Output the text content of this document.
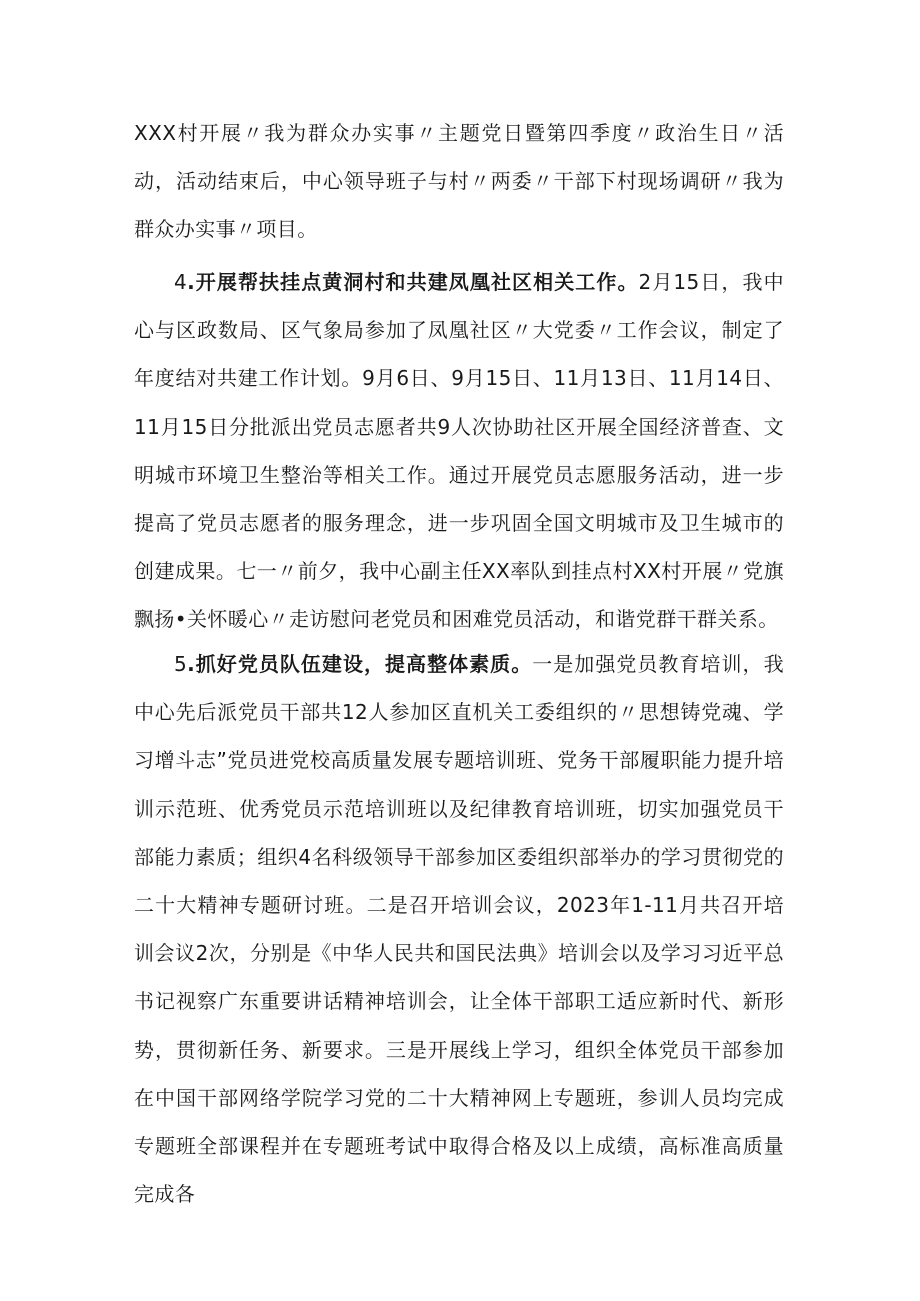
XXX村开展〃我为群众办实事〃主题党日暨第四季度〃政治生日〃活动，活动结束后，中心领导班子与村〃两委〃干部下村现场调研〃我为群众办实事〃项目。

4.开展帮扶挂点黄洞村和共建凤凰社区相关工作。2月15日，我中心与区政数局、区气象局参加了凤凰社区〃大党委〃工作会议，制定了年度结对共建工作计划。9月6日、9月15日、11月13日、11月14日、11月15日分批派出党员志愿者共9人次协助社区开展全国经济普查、文明城市环境卫生整治等相关工作。通过开展党员志愿服务活动，进一步提高了党员志愿者的服务理念，进一步巩固全国文明城市及卫生城市的创建成果。七一〃前夕，我中心副主任XX率队到挂点村XX村开展〃党旗飘扬•关怀暖心〃走访慰问老党员和困难党员活动，和谐党群干群关系。

5.抓好党员队伍建设，提高整体素质。一是加强党员教育培训，我中心先后派党员干部共12人参加区直机关工委组织的〃思想铸党魂、学习增斗志”党员进党校高质量发展专题培训班、党务干部履职能力提升培训示范班、优秀党员示范培训班以及纪律教育培训班，切实加强党员干部能力素质；组织4名科级领导干部参加区委组织部举办的学习贯彻党的二十大精神专题研讨班。二是召开培训会议，2023年1-11月共召开培训会议2次，分别是《中华人民共和国民法典》培训会以及学习习近平总书记视察广东重要讲话精神培训会，让全体干部职工适应新时代、新形势，贯彻新任务、新要求。三是开展线上学习，组织全体党员干部参加在中国干部网络学院学习党的二十大精神网上专题班，参训人员均完成专题班全部课程并在专题班考试中取得合格及以上成绩，高标准高质量完成各
